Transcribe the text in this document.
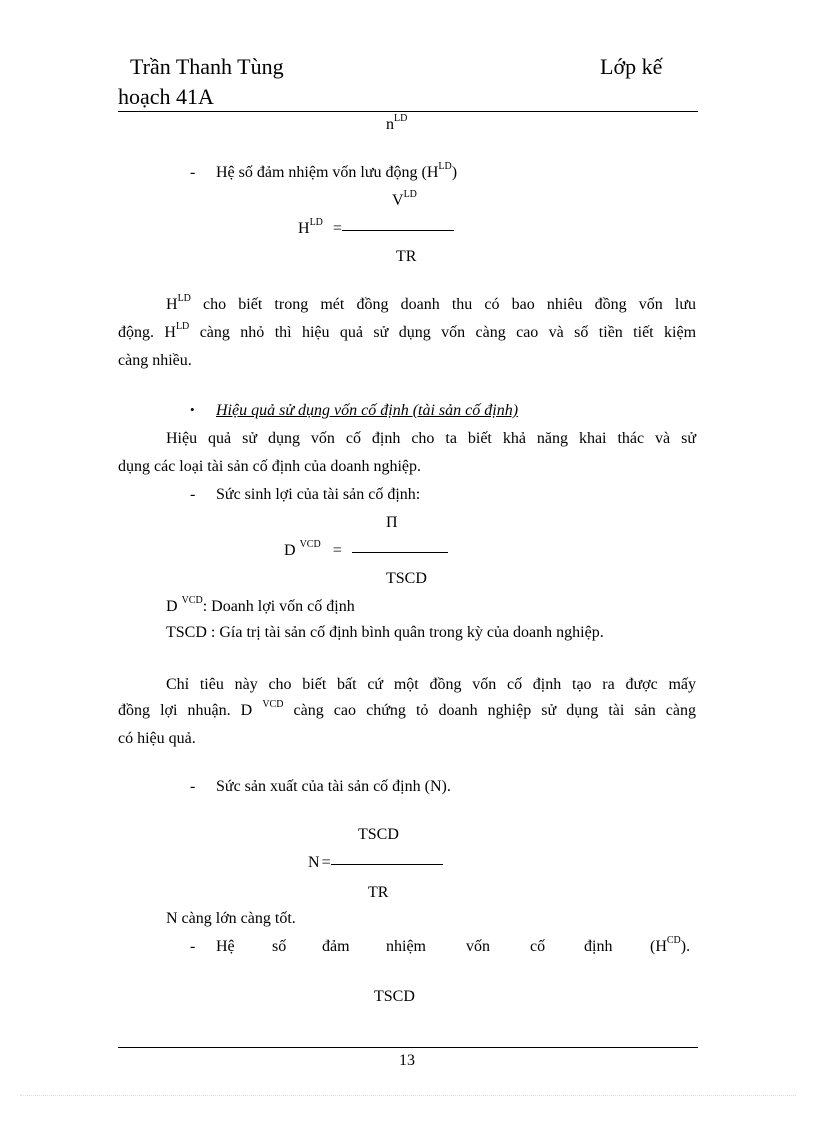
Trần Thanh Tùng	Lớp kế
hoạch 41A
$n^{LD}$
- Hệ số đảm nhiệm vốn lưu động $(H^{LD})$
$V^{LD}$
$H^{LD}$ =
TR
$H^{LD}$ cho biết trong mét đồng doanh thu có bao nhiêu đồng vốn lưu
động. $H^{LD}$ càng nhỏ thì hiệu quả sử dụng vốn càng cao và số tiền tiết kiệm
càng nhiều.
• Hiệu quả sử dụng vốn cố định (tài sản cố định)
Hiệu quả sử dụng vốn cố định cho ta biết khả năng khai thác và sử
dụng các loại tài sản cố định của doanh nghiệp.
- Sức sinh lợi của tài sản cố định:
Π
D $^{VCD}$ =
TSCD
D $^{VCD}$: Doanh lợi vốn cố định
TSCD : Gía trị tài sản cố định bình quân trong kỳ của doanh nghiệp.
Chỉ tiêu này cho biết bất cứ một đồng vốn cố định tạo ra được mấy
đồng lợi nhuận. D $^{VCD}$ càng cao chứng tỏ doanh nghiệp sử dụng tài sản càng
có hiệu quả.
- Sức sản xuất của tài sản cố định (N).
TSCD
N =
TR
N càng lớn càng tốt.
- Hệ số đảm nhiệm	vốn	cố định $(H^{CD})$.
TSCD
13
